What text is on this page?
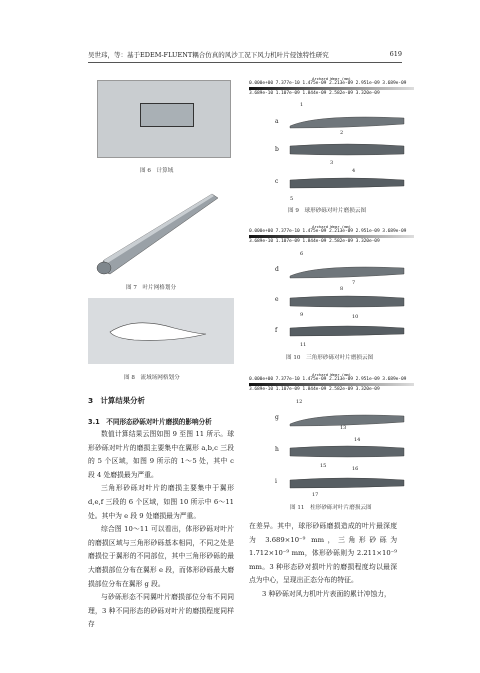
吴世玮，等：基于EDEM-FLUENT耦合仿真的风沙工况下风力机叶片侵蚀特性研究	619
图 6　计算域
图 7　叶片网格划分
图 8　流域场网格划分
3　计算结果分析
3.1　不同形态砂砾对叶片磨损的影响分析

数值计算结果云图如图 9 至图 11 所示。球形砂砾对叶片的磨损主要集中在翼形 a,b,c 三段的 5 个区域，如图 9 所示的 1～5 处，其中 c 段 4 处磨损最为严重。

三角形砂砾对叶片的磨损主要集中于翼形 d,e,f 三段的 6 个区域，如图 10 所示中 6～11 处。其中为 e 段 9 处磨损最为严重。

综合图 10～11 可以看出，体形砂砾对叶片的磨损区域与三角形砂砾基本相同，不同之处是磨损位于翼形的不同部位，其中三角形砂砾的最大磨损部位分布在翼形 e 段，而体形砂砾最大磨损部位分布在翼形 g 段。

与砂砾形态不同翼叶片磨损部位分布不同同理，3 种不同形态的砂砾对叶片的磨损程度同样存

Archard Wear (mm)
0.000e+00 7.377e-10 1.475e-09 2.213e-09 2.951e-09 3.689e-09
3.689e-10 1.107e-09 1.844e-09 2.582e-09 3.320e-09
a
1
2
b
3
c
4
5
图 9　球形砂砾对叶片磨损云图
Archard Wear (mm)
0.000e+00 7.377e-10 1.475e-09 2.213e-09 2.951e-09 3.689e-09
3.689e-10 1.107e-09 1.844e-09 2.582e-09 3.320e-09
d
6
7
e
8
9
f
10
11
图 10　三角形砂砾对叶片磨损云图
Archard Wear (mm)
0.000e+00 7.377e-10 1.475e-09 2.213e-09 2.951e-09 3.689e-09
3.689e-10 1.107e-09 1.844e-09 2.582e-09 3.320e-09
g
12
13
h
14
15
i
16
17
图 11　柱形砂砾对叶片磨损云图

在差异。其中，球形砂砾磨损造成的叶片最深度为 3.689×10⁻⁹ mm，三角形砂砾为 1.712×10⁻⁹ mm，体形砂砾则为 2.211×10⁻⁹ mm。3 种形态砂对损叶片的磨损程度均以最深点为中心，呈现出正态分布的特征。

3 种砂砾对风力机叶片表面的累计冲蚀力，
